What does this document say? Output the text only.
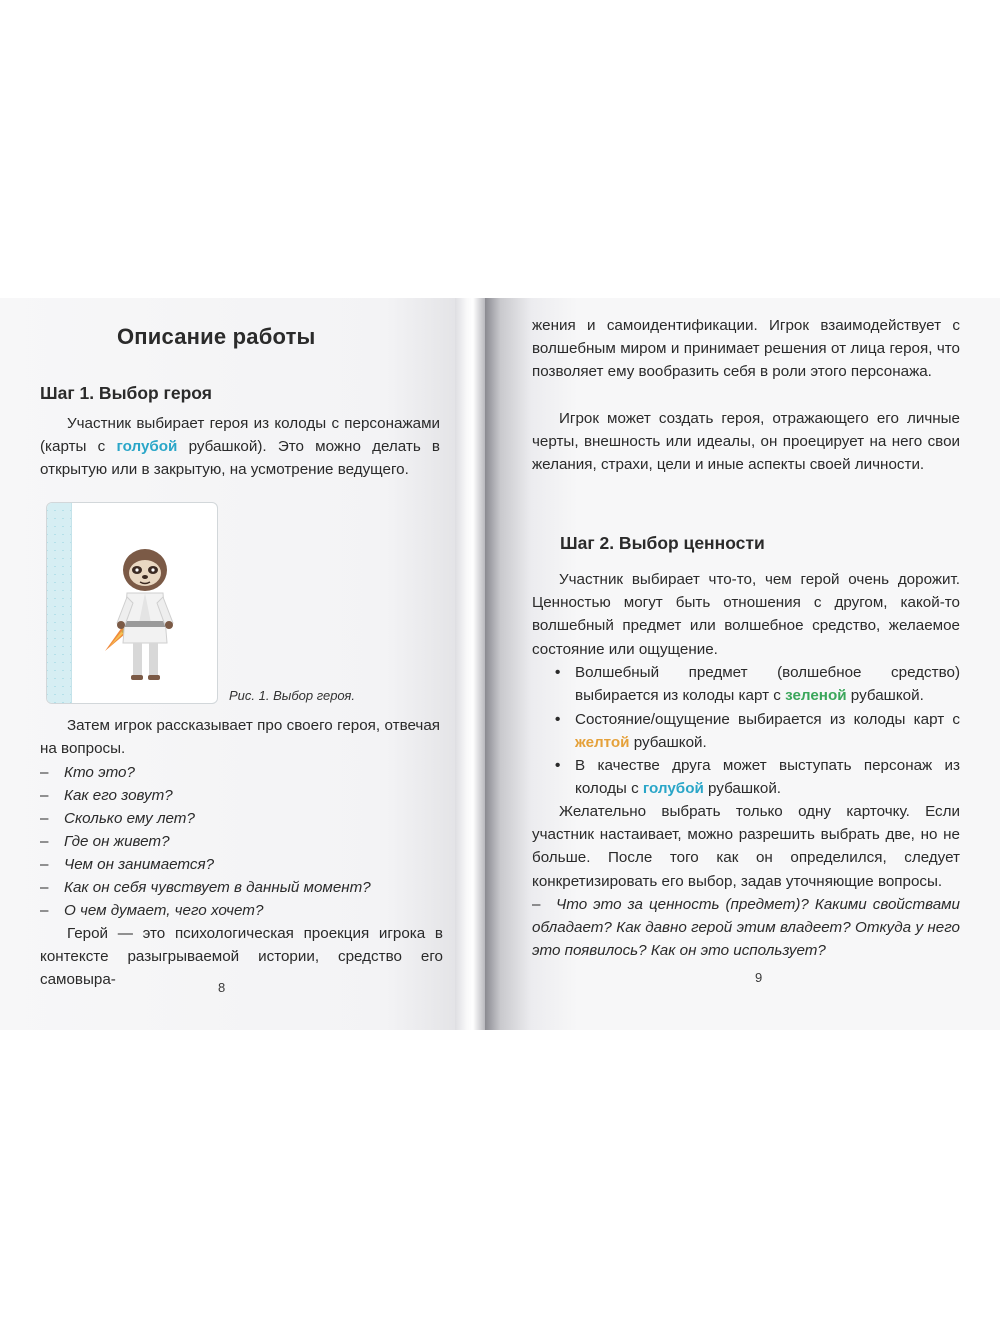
Описание работы
Шаг 1. Выбор героя

Участник выбирает героя из колоды с персонажами (карты с голубой рубашкой). Это можно делать в открытую или в закрытую, на усмотрение ведущего.

Рис. 1. Выбор героя.

Затем игрок рассказывает про своего героя, отвечая на вопросы.

– Кто это?
– Как его зовут?
– Сколько ему лет?
– Где он живет?
– Чем он занимается?
– Как он себя чувствует в данный момент?
– О чем думает, чего хочет?

Герой — это психологическая проекция игрока в контексте разыгрываемой истории, средство его самовыра-	8

жения и самоидентификации. Игрок взаимодействует с волшебным миром и принимает решения от лица героя, что позволяет ему вообразить себя в роли этого персонажа.

Игрок может создать героя, отражающего его личные черты, внешность или идеалы, он проецирует на него свои желания, страхи, цели и иные аспекты своей личности.

Шаг 2. Выбор ценности

Участник выбирает что-то, чем герой очень дорожит. Ценностью могут быть отношения с другом, какой-то волшебный предмет или волшебное средство, желаемое состояние или ощущение.

• Волшебный предмет (волшебное средство) выбирается из колоды карт с зеленой рубашкой.
• Состояние/ощущение выбирается из колоды карт с желтой рубашкой.
• В качестве друга может выступать персонаж из колоды с голубой рубашкой.

Желательно выбрать только одну карточку. Если участник настаивает, можно разрешить выбрать две, но не больше. После того как он определился, следует конкретизировать его выбор, задав уточняющие вопросы.

– Что это за ценность (предмет)? Какими свойствами обладает? Как давно герой этим владеет? Откуда у него это появилось? Как он это использует?
9
